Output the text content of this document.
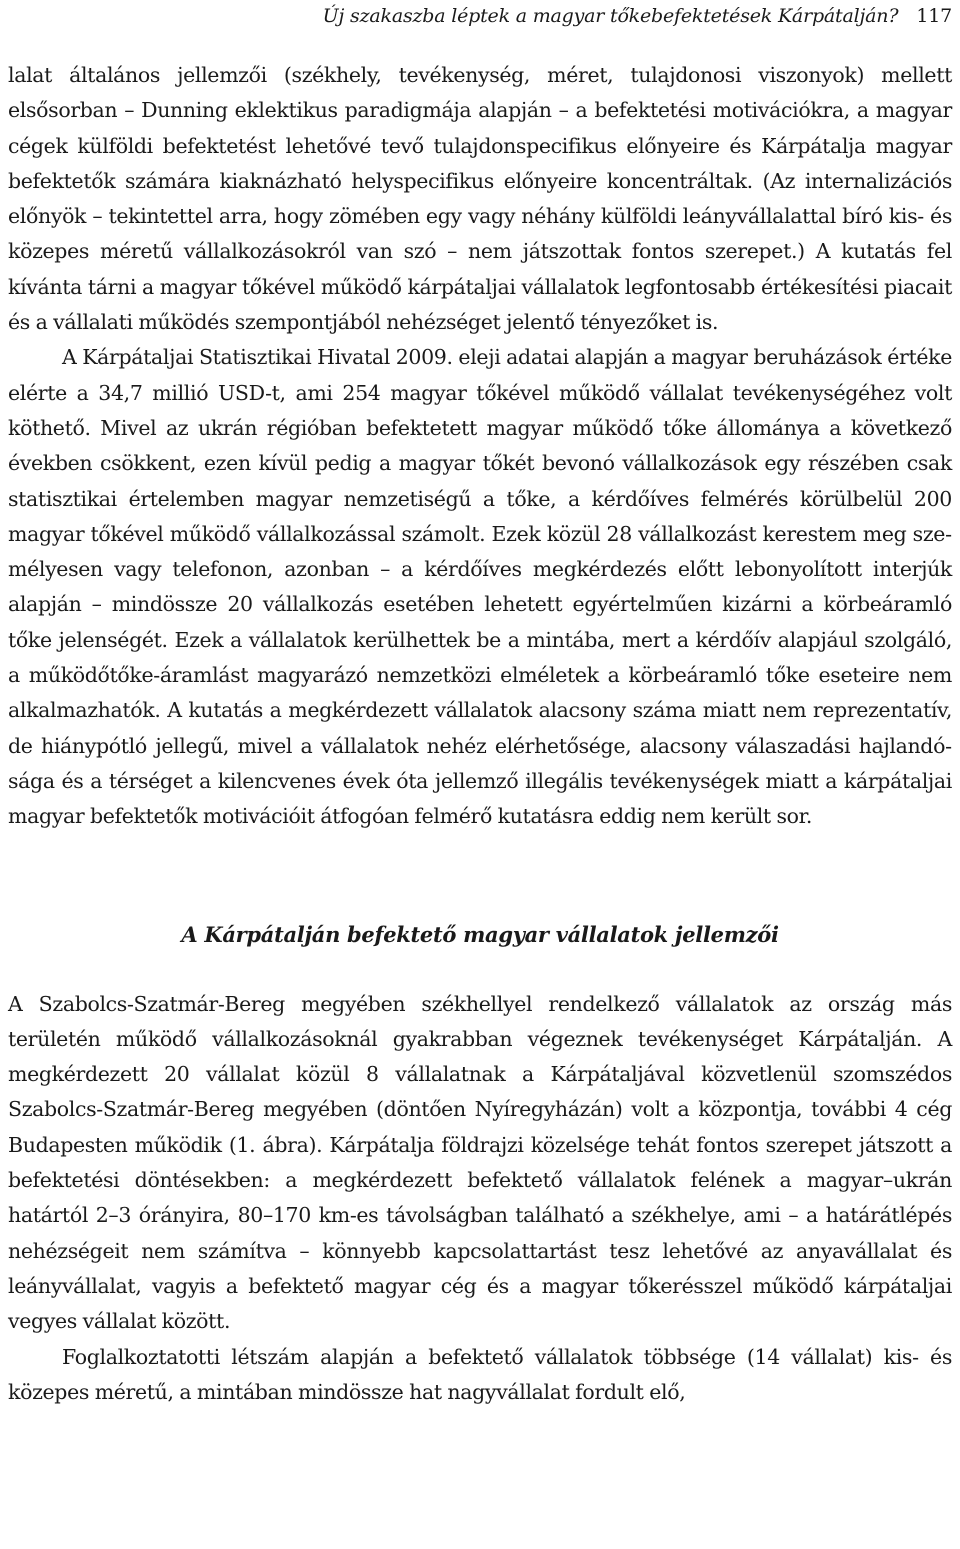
Új szakaszba léptek a magyar tőkebefektetések Kárpátalján? 117

lalat általános jellemzői (székhely, tevékenység, méret, tulajdonosi viszonyok) mellett elsősorban – Dunning eklektikus paradigmája alapján – a befektetési motivációkra, a magyar cégek külföldi befektetést lehetővé tevő tulajdonspecifikus előnyeire és Kárpátalja magyar befektetők számára kiaknázható helyspecifikus előnyeire koncentráltak. (Az internalizációs előnyök – tekintettel arra, hogy zömében egy vagy néhány külföldi leányvállalattal bíró kis- és közepes méretű vállalkozásokról van szó – nem játszottak fontos szerepet.) A kutatás fel kívánta tárni a magyar tőkével működő kárpátaljai vállalatok legfontosabb értékesítési piacait és a vállalati működés szempontjából nehézséget jelentő tényezőket is.

A Kárpátaljai Statisztikai Hivatal 2009. eleji adatai alapján a magyar beruházások értéke elérte a 34,7 millió USD-t, ami 254 magyar tőkével működő vállalat tevékenységéhez volt köthető. Mivel az ukrán régióban befektetett magyar működő tőke állománya a következő években csökkent, ezen kívül pedig a magyar tőkét bevonó vállalkozások egy részében csak statisztikai értelemben magyar nemzetiségű a tőke, a kérdőíves felmérés körülbelül 200 magyar tőkével működő vállalkozással számolt. Ezek közül 28 vállalkozást kerestem meg személyesen vagy telefonon, azonban – a kérdőíves megkérdezés előtt lebonyolított interjúk alapján – mindössze 20 vállalkozás esetében lehetett egyértelműen kizárni a körbeáramló tőke jelenségét. Ezek a vállalatok kerülhettek be a mintába, mert a kérdőív alapjául szolgáló, a működőtőke-áramlást magyarázó nemzetközi elméletek a körbeáramló tőke eseteire nem alkalmazhatók. A kutatás a megkérdezett vállalatok alacsony száma miatt nem reprezentatív, de hiánypótló jellegű, mivel a vállalatok nehéz elérhetősége, alacsony válaszadási hajlandósága és a térséget a kilencvenes évek óta jellemző illegális tevékenységek miatt a kárpátaljai magyar befektetők motivációit átfogóan felmérő kutatásra eddig nem került sor.

A Kárpátalján befektető magyar vállalatok jellemzői

A Szabolcs-Szatmár-Bereg megyében székhellyel rendelkező vállalatok az ország más területén működő vállalkozásoknál gyakrabban végeznek tevékenységet Kárpátalján. A megkérdezett 20 vállalat közül 8 vállalatnak a Kárpátaljával közvetlenül szomszédos Szabolcs-Szatmár-Bereg megyében (döntően Nyíregyházán) volt a központja, további 4 cég Budapesten működik (1. ábra). Kárpátalja földrajzi közelsége tehát fontos szerepet játszott a befektetési döntésekben: a megkérdezett befektető vállalatok felének a magyar–ukrán határtól 2–3 órányira, 80–170 km-es távolságban található a székhelye, ami – a határátlépés nehézségeit nem számítva – könnyebb kapcsolattartást tesz lehetővé az anyavállalat és leányvállalat, vagyis a befektető magyar cég és a magyar tőkerésszel működő kárpátaljai vegyes vállalat között.

Foglalkoztatotti létszám alapján a befektető vállalatok többsége (14 vállalat) kis- és közepes méretű, a mintában mindössze hat nagyvállalat fordult elő,
